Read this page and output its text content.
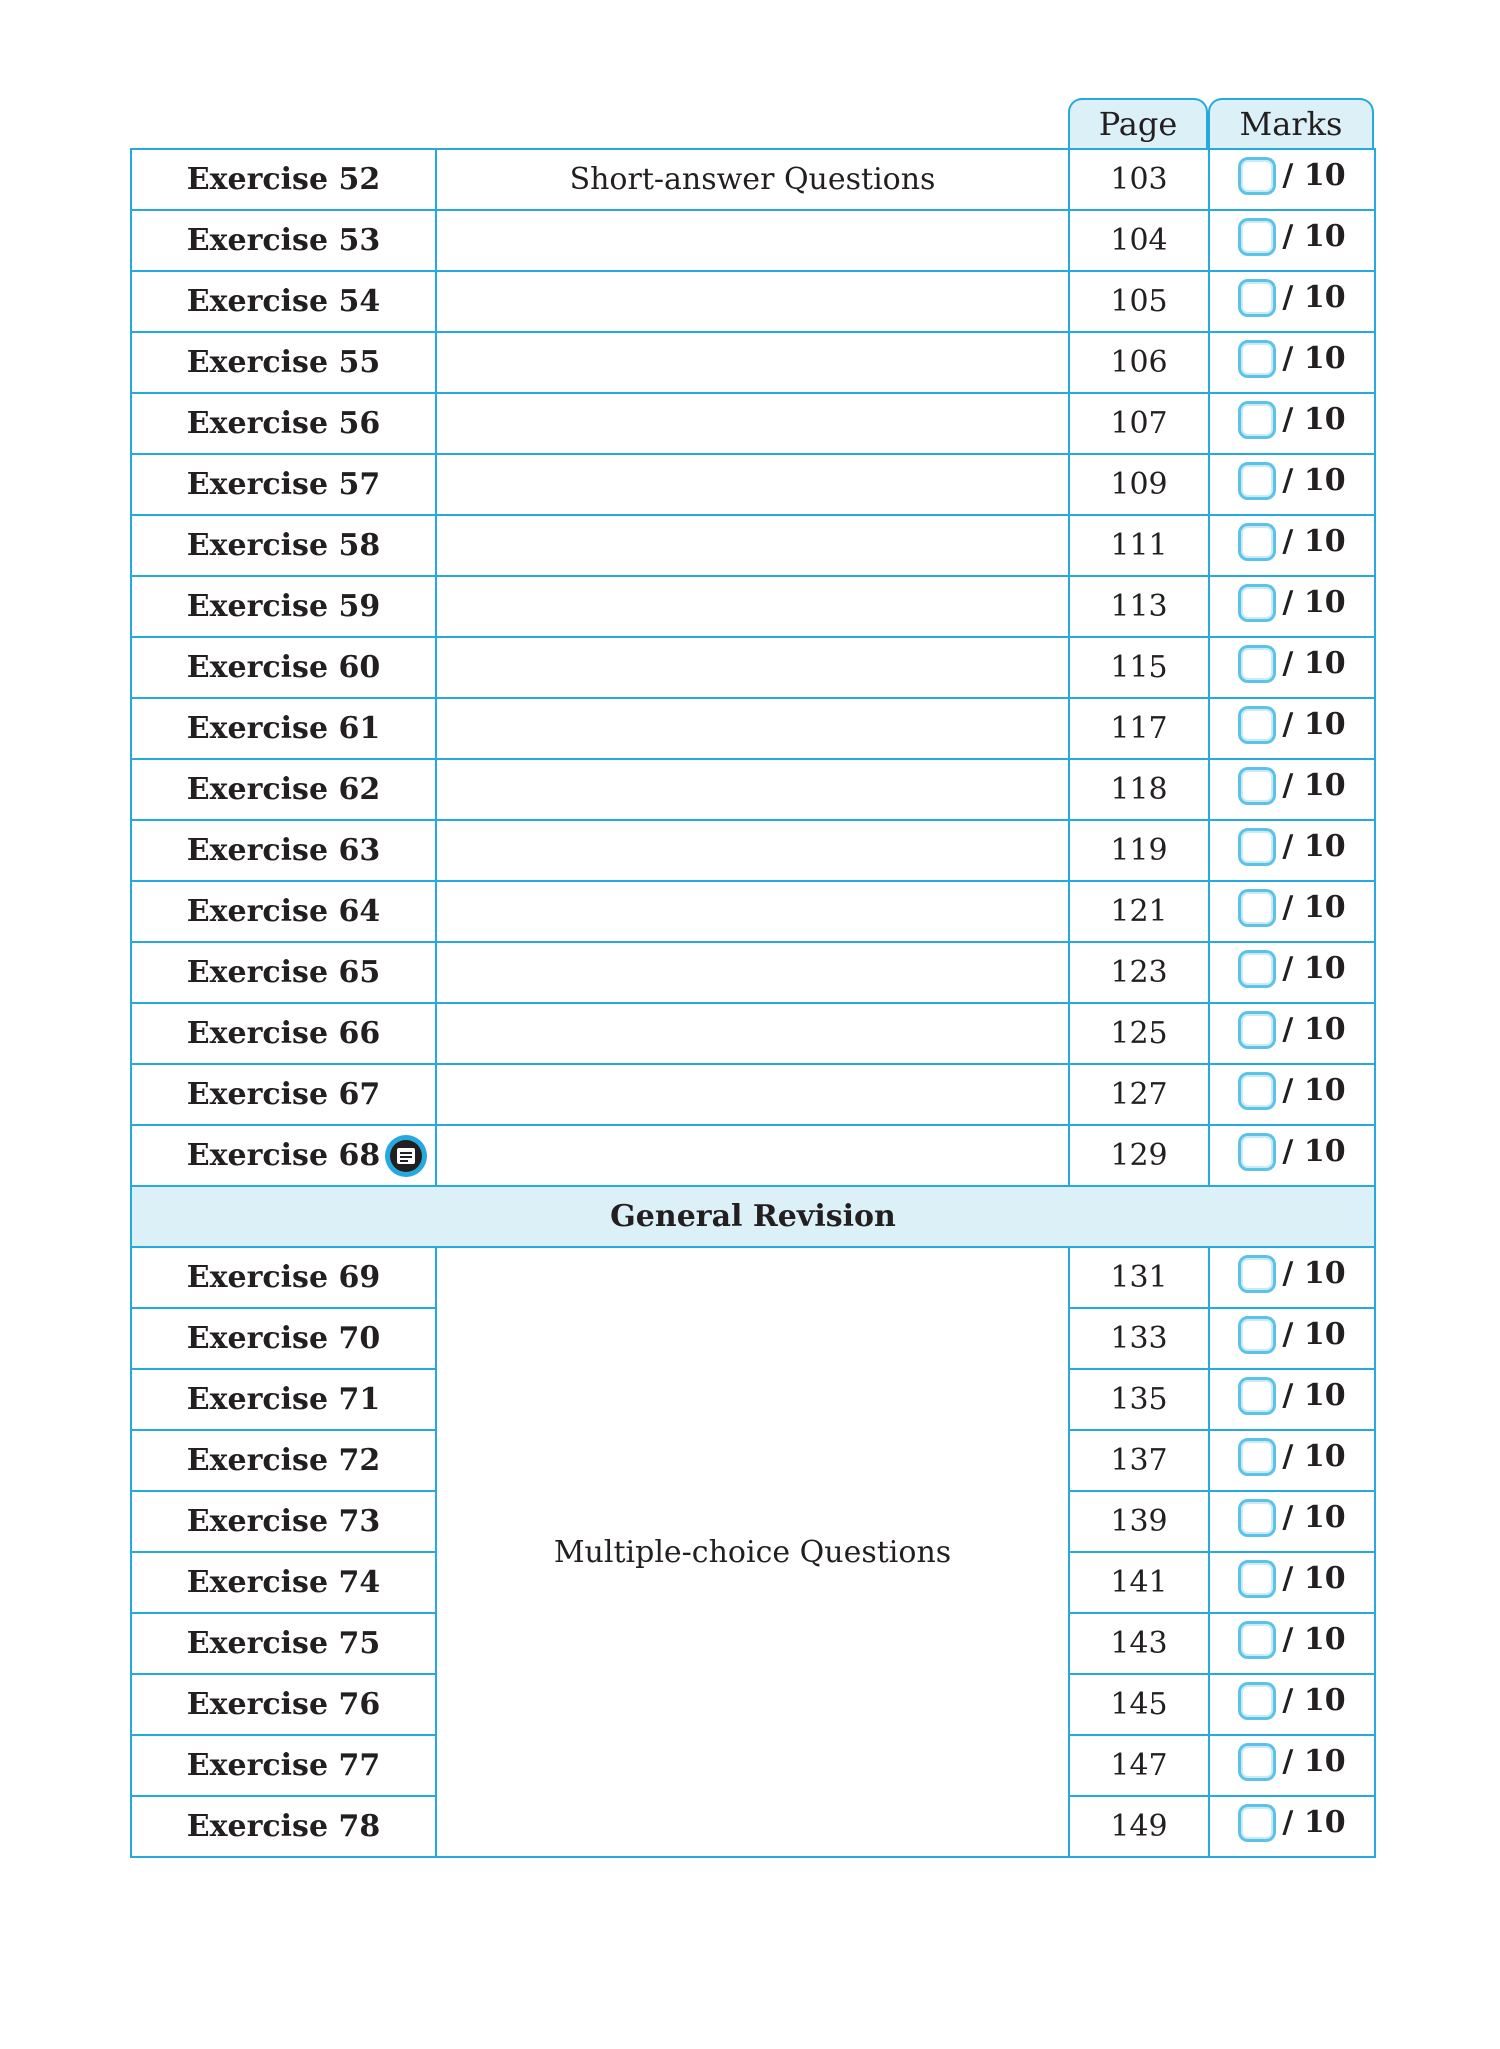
Page	Marks
Exercise 52	Short-answer Questions	103	/ 10

Exercise 53		104	/ 10

Exercise 54		105	/ 10

Exercise 55		106	/ 10

Exercise 56		107	/ 10

Exercise 57		109	/ 10

Exercise 58		111	/ 10

Exercise 59		113	/ 10

Exercise 60		115	/ 10

Exercise 61		117	/ 10

Exercise 62		118	/ 10

Exercise 63		119	/ 10

Exercise 64		121	/ 10

Exercise 65		123	/ 10

Exercise 66		125	/ 10

Exercise 67		127	/ 10

Exercise 68		129	/ 10

General Revision			
Exercise 69	Multiple-choice Questions	131	/ 10

Exercise 70		133	/ 10

Exercise 71		135	/ 10

Exercise 72		137	/ 10

Exercise 73		139	/ 10

Exercise 74		141	/ 10

Exercise 75		143	/ 10

Exercise 76		145	/ 10

Exercise 77		147	/ 10

Exercise 78		149	/ 10
